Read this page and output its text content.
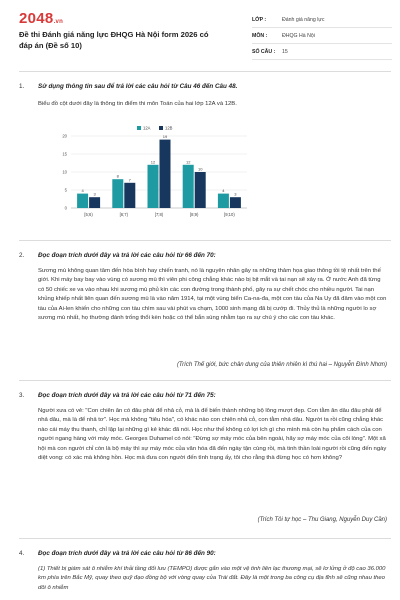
2048.vn
Đề thi Đánh giá năng lực ĐHQG Hà Nội form 2026 có đáp án (Đề số 10)
LỚP :	Đánh giá năng lực
MÔN :	ĐHQG Hà Nội
SỐ CÂU :	15
1. Sử dụng thông tin sau để trả lời các câu hỏi từ Câu 46 đến Câu 48.
Biểu đồ cột dưới đây là thông tin điểm thi môn Toán của hai lớp 12A và 12B.
0
5
10
15
20
12A	12B
4
3
[5;6)
8
7
[6;7)
12
19
[7;8)
12
10
[8;9)
4
3
[9;10)
2. Đọc đoạn trích dưới đây và trả lời các câu hỏi từ 66 đến 70:
Sương mù không quan tâm đến hòa bình hay chiến tranh, nó là nguyên nhân gây ra những thảm họa giao thông tồi tệ nhất trên thế giới. Khi máy bay bay vào vùng có sương mù thì viên phi công chẳng khác nào bị bịt mắt và tai nạn sẽ xảy ra. Ở nước Anh đã từng có 50 chiếc xe va vào nhau khi sương mù phủ kín các con đường trong thành phố, gây ra sự chết chóc cho nhiều người. Tai nạn khủng khiếp nhất liên quan đến sương mù là vào năm 1914, tại một vùng biển Ca-na-đa, một con tàu của Na Uy đã đâm vào một con tàu của Ai-len khiến cho những con tàu chìm sau vài phút va chạm, 1000 sinh mạng đã bị cướp đi. Thủy thủ là những người lo sợ sương mù nhất, họ thường đánh trống thổi kèn hoặc có thể bắn súng nhằm tạo ra sự chú ý cho các con tàu khác.
(Trích Thế giới, bức chân dung của thiên nhiên kì thú hai – Nguyễn Đình Nhơn)
3. Đọc đoạn trích dưới đây và trả lời các câu hỏi từ 71 đến 75:
Người xưa có vẻ: "Con chiên ăn có đâu phải để nhả cỏ, mà là để biến thành những bộ lông mượt đẹp. Con tằm ăn dâu đâu phải để nhả dâu, mà là để nhả tơ". Học mà không "tiêu hóa", có khác nào con chiên nhả cỏ, con tằm nhả dâu. Người ta rồi cũng chẳng khác nào cái máy thu thanh, chỉ lặp lại những gì kẻ khác đã nói. Học như thế không có lợi ích gì cho mình mà còn hạ phẩm cách của con người ngang hàng với máy móc. Georges Duhamel có nói: "Đừng sợ máy móc của bên ngoài, hãy sợ máy móc của cõi lòng". Một xã hội mà con người chỉ còn là bộ máy thì sự máy móc của văn hóa đã đến ngày tận cùng rồi, mà tinh thần loài người rồi cũng đến ngày diệt vong: có xác mà không hồn. Học mà đưa con người đến tình trạng ấy, tôi cho rằng thà đừng học có hơn không?
(Trích Tôi tự học – Thu Giang, Nguyễn Duy Cần)
4. Đọc đoạn trích dưới đây và trả lời các câu hỏi từ 86 đến 90:
(1) Thiết bị giám sát ô nhiễm khí thải tầng đối lưu (TEMPO) được gắn vào một vệ tinh liên lạc thương mại, sẽ lơ lửng ở độ cao 36.000 km phía trên Bắc Mỹ, quay theo quỹ đạo đồng bộ với vòng quay của Trái đất. Đây là một trong ba công cụ địa tĩnh sẽ cũng nhau theo dõi ô nhiễm
